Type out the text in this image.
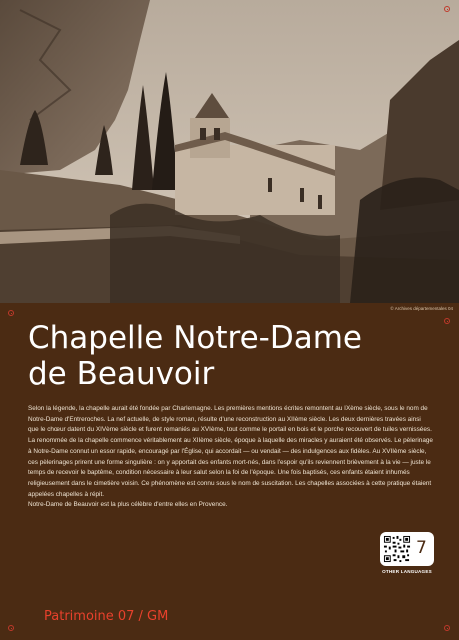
© Archives départementales 04
Chapelle Notre-Dame
de Beauvoir

Selon la légende, la chapelle aurait été fondée par Charlemagne. Les premières mentions écrites remontent au IXème siècle, sous le nom de Notre-Dame d'Entreroches. La nef actuelle, de style roman, résulte d'une reconstruction au XIIème siècle. Les deux dernières travées ainsi que le chœur datent du XIVème siècle et furent remaniés au XVIème, tout comme le portail en bois et le porche recouvert de tuiles vernissées.

La renommée de la chapelle commence véritablement au XIIème siècle, époque à laquelle des miracles y auraient été observés. Le pèlerinage à Notre-Dame connut un essor rapide, encouragé par l'Église, qui accordait — ou vendait — des indulgences aux fidèles. Au XVIIème siècle, ces pèlerinages prirent une forme singulière : on y apportait des enfants mort-nés, dans l'espoir qu'ils reviennent brièvement à la vie — juste le temps de recevoir le baptême, condition nécessaire à leur salut selon la foi de l'époque. Une fois baptisés, ces enfants étaient inhumés religieusement dans le cimetière voisin. Ce phénomène est connu sous le nom de suscitation. Les chapelles associées à cette pratique étaient appelées chapelles à répit.

Notre-Dame de Beauvoir est la plus célèbre d'entre elles en Provence.

7
OTHER LANGUAGES
Patrimoine 07 / GM
